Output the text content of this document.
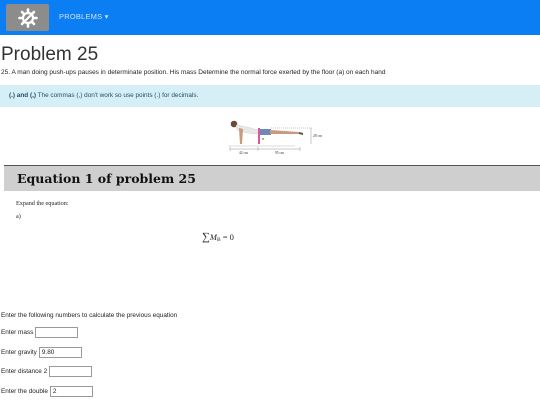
PROBLEMS ▾
Problem 25
25. A man doing push-ups pauses in determinate position. His mass Determine the normal force exerted by the floor (a) on each hand
(.) and (,) The commas (,) don't work so use points (.) for decimals.
B
28 cm
42 cm	95 cm
Equation 1 of problem 25
Expand the equation:
a)
∑MB = 0
Enter the following numbers to calculate the previous equation
Enter mass
Enter gravity
9.80
Enter distance 2
Enter the double
2
